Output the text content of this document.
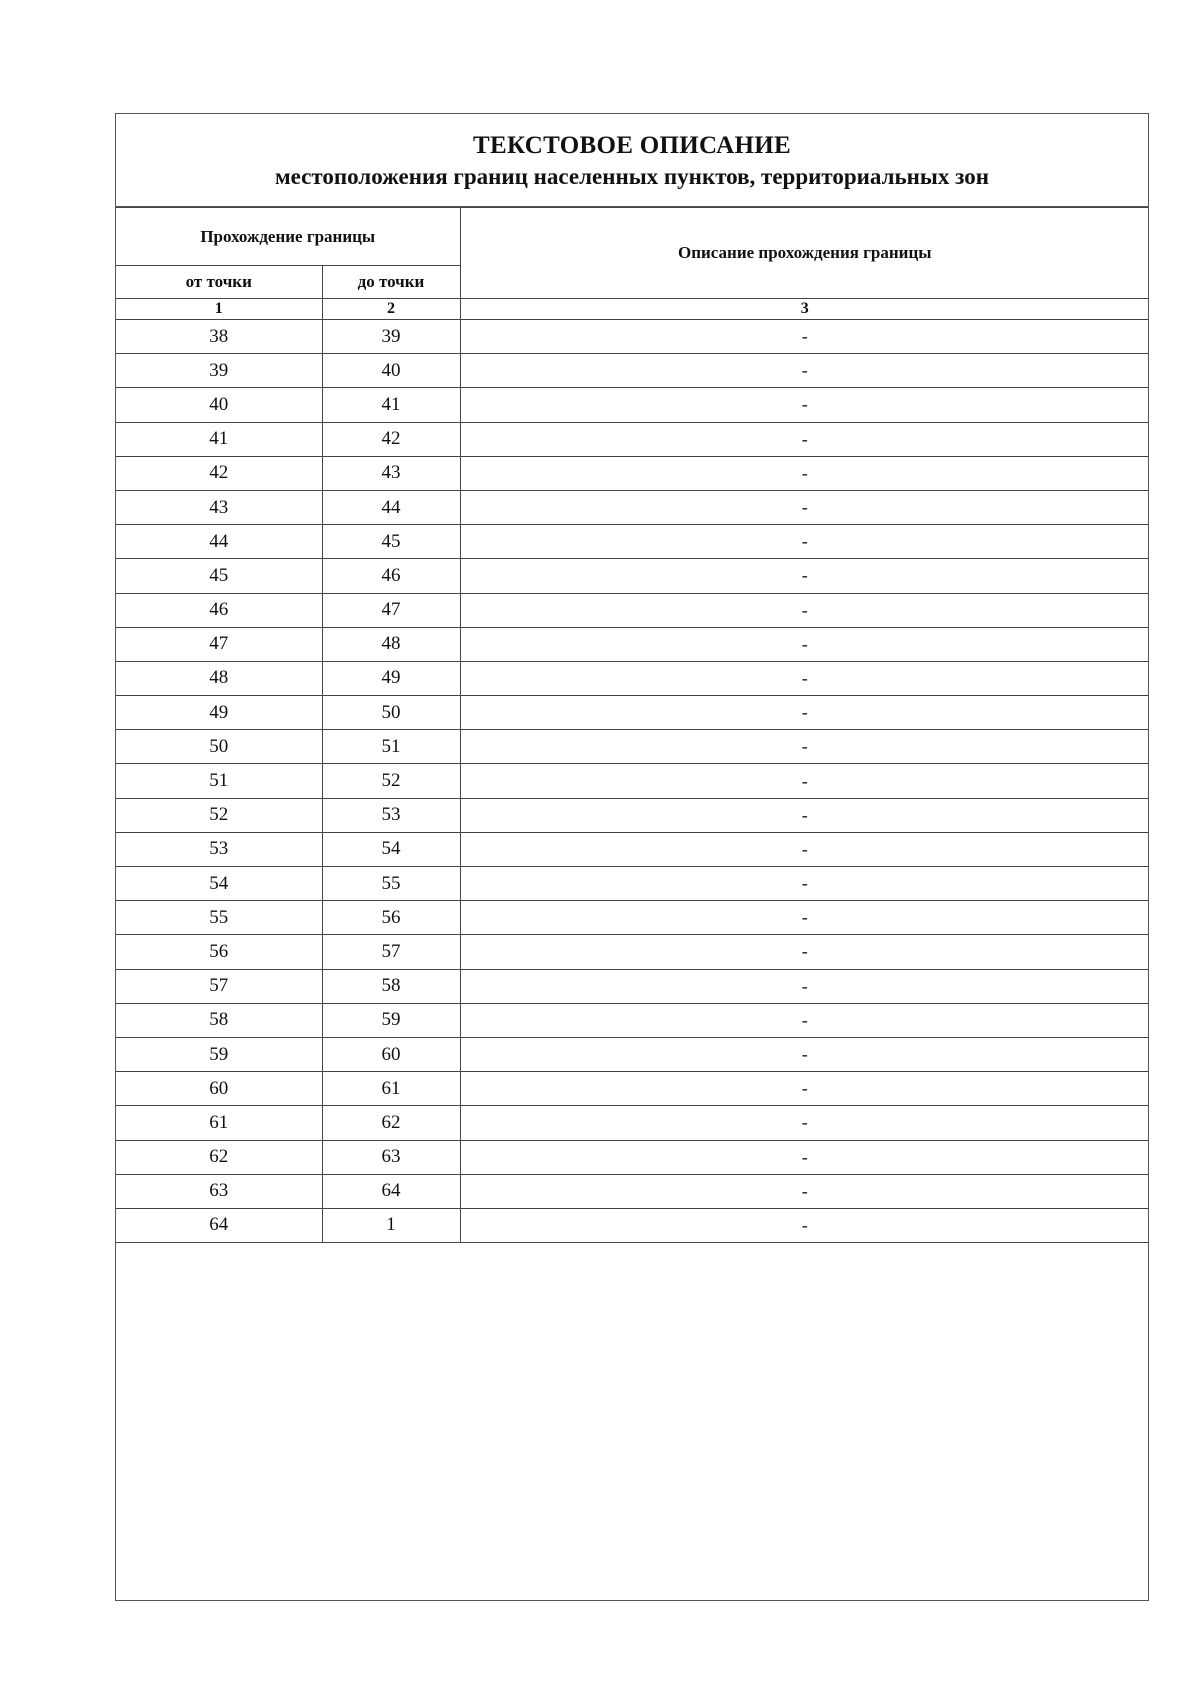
ТЕКСТОВОЕ ОПИСАНИЕ
местоположения границ населенных пунктов, территориальных зон
Прохождение границы		Описание прохождения границы
от точки	до точки	
1	2	3
38	39	-
39	40	-
40	41	-
41	42	-
42	43	-
43	44	-
44	45	-
45	46	-
46	47	-
47	48	-
48	49	-
49	50	-
50	51	-
51	52	-
52	53	-
53	54	-
54	55	-
55	56	-
56	57	-
57	58	-
58	59	-
59	60	-
60	61	-
61	62	-
62	63	-
63	64	-
64	1	-
